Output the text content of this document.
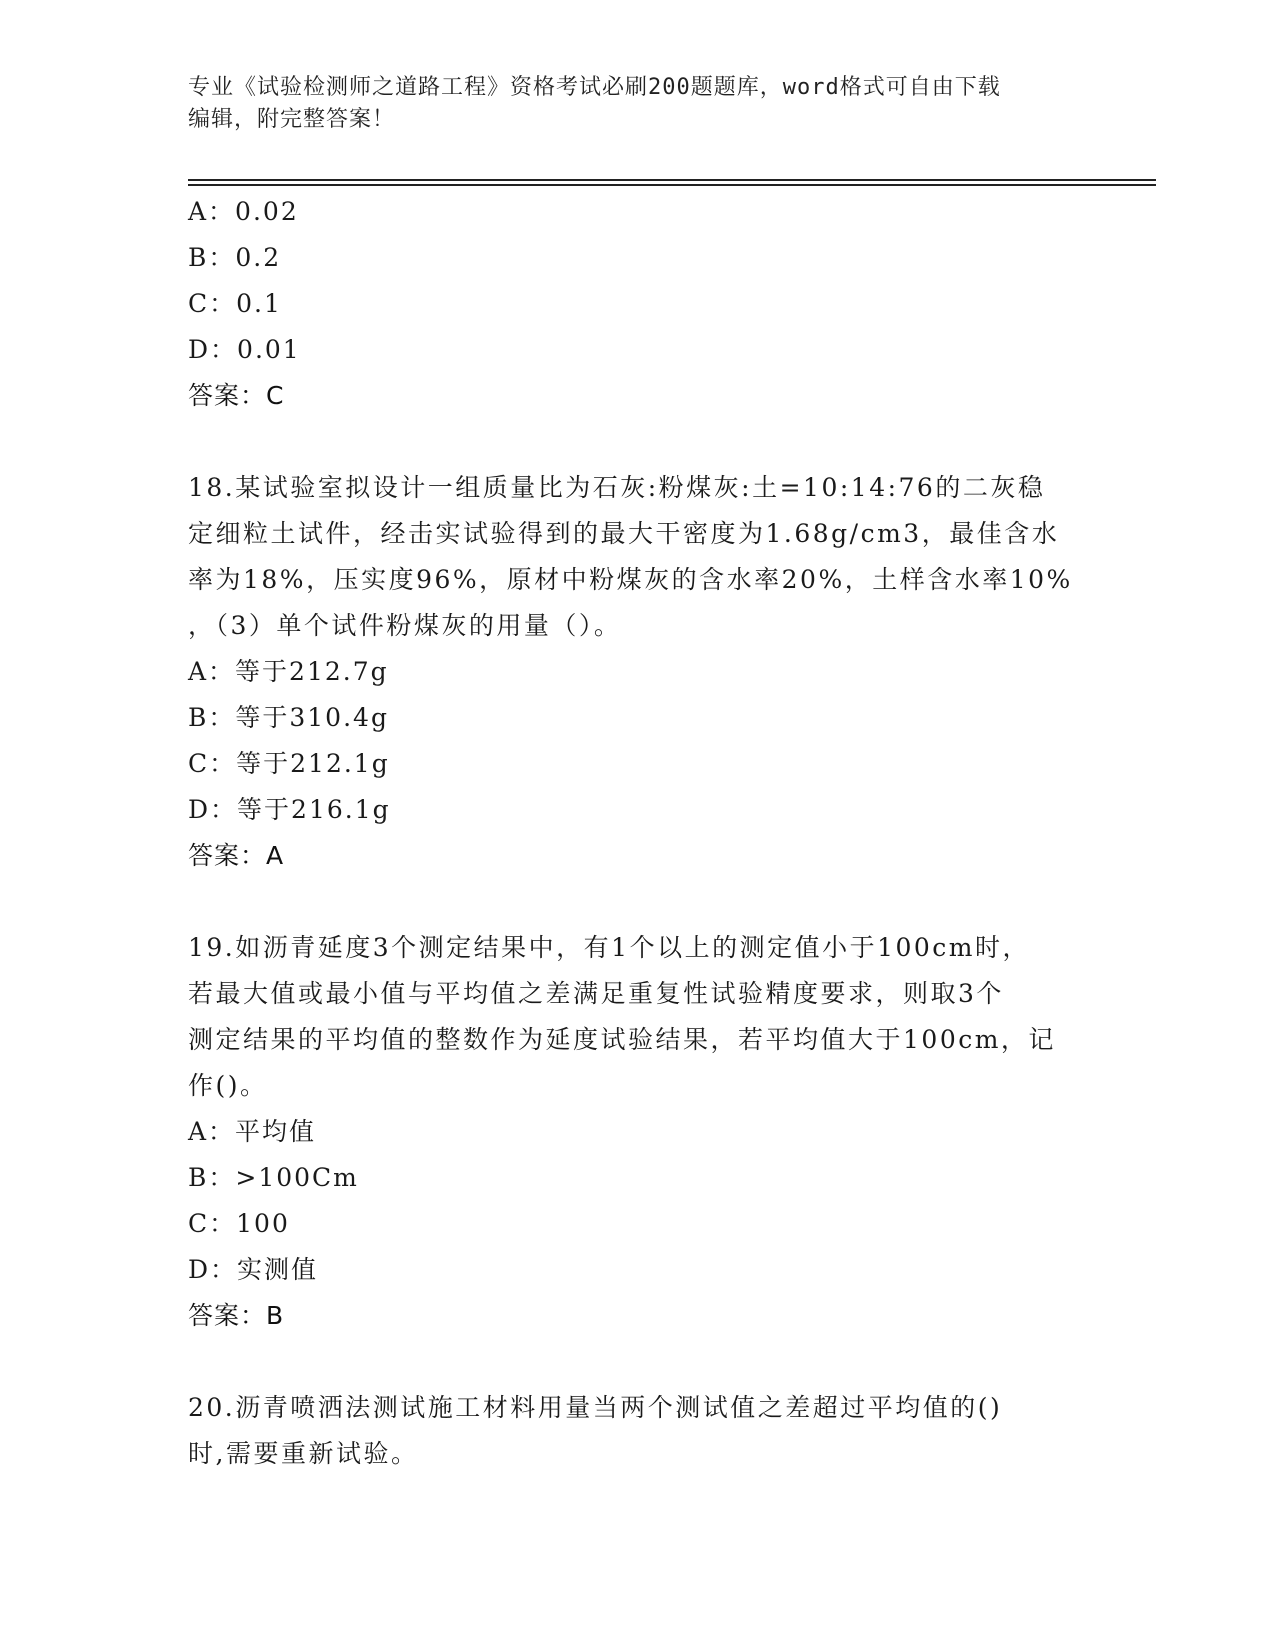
专业《试验检测师之道路工程》资格考试必刷200题题库，word格式可自由下载
编辑，附完整答案！
A：0.02
B：0.2
C：0.1
D：0.01
答案：C
18.某试验室拟设计一组质量比为石灰:粉煤灰:土=10:14:76的二灰稳
定细粒土试件，经击实试验得到的最大干密度为1.68g/cm3，最佳含水
率为18%，压实度96%，原材中粉煤灰的含水率20%，土样含水率10%
，（3）单个试件粉煤灰的用量（）。
A：等于212.7g
B：等于310.4g
C：等于212.1g
D：等于216.1g
答案：A
19.如沥青延度3个测定结果中，有1个以上的测定值小于100cm时，
若最大值或最小值与平均值之差满足重复性试验精度要求，则取3个
测定结果的平均值的整数作为延度试验结果，若平均值大于100cm，记
作()。
A：平均值
B：>100Cm
C：100
D：实测值
答案：B
20.沥青喷洒法测试施工材料用量当两个测试值之差超过平均值的()
时,需要重新试验。
